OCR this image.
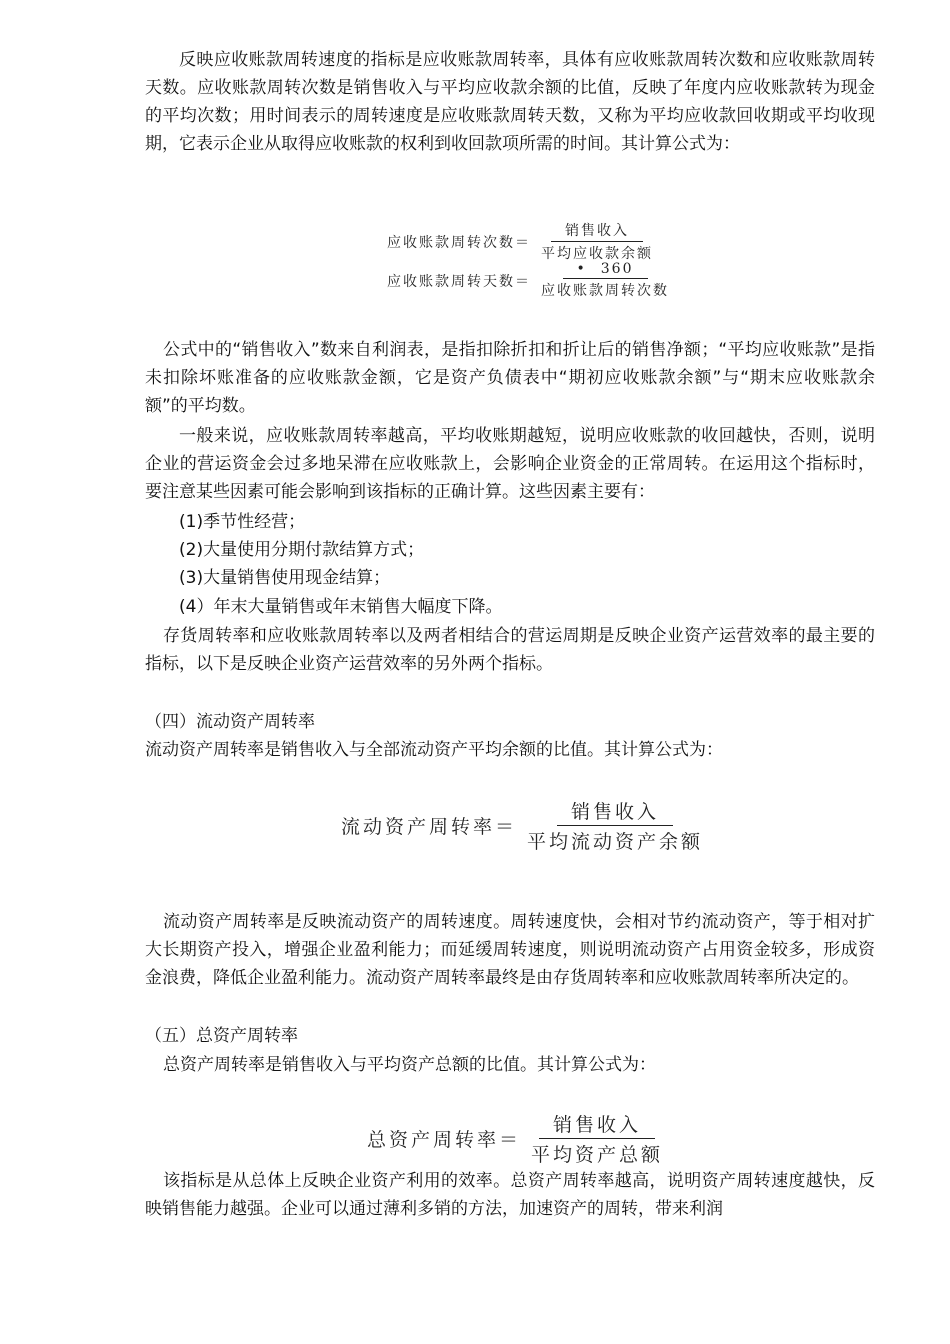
反映应收账款周转速度的指标是应收账款周转率，具体有应收账款周转次数和应收账款周转天数。应收账款周转次数是销售收入与平均应收款余额的比值，反映了年度内应收账款转为现金的平均次数；用时间表示的周转速度是应收账款周转天数，又称为平均应收款回收期或平均收现期，它表示企业从取得应收账款的权利到收回款项所需的时间。其计算公式为：
应收账款周转次数＝ $\frac{\text{销售收入}}{\text{平均应收款余额}}$
应收账款周转天数＝ $\frac{• 360}{\text{应收账款周转次数}}$
公式中的“销售收入”数来自利润表，是指扣除折扣和折让后的销售净额；“平均应收账款”是指未扣除坏账准备的应收账款金额，它是资产负债表中“期初应收账款余额”与“期末应收账款余额”的平均数。
一般来说，应收账款周转率越高，平均收账期越短，说明应收账款的收回越快，否则，说明企业的营运资金会过多地呆滞在应收账款上，会影响企业资金的正常周转。在运用这个指标时，要注意某些因素可能会影响到该指标的正确计算。这些因素主要有：
(1)季节性经营；
(2)大量使用分期付款结算方式；
(3)大量销售使用现金结算；
(4）年末大量销售或年末销售大幅度下降。
存货周转率和应收账款周转率以及两者相结合的营运周期是反映企业资产运营效率的最主要的指标，以下是反映企业资产运营效率的另外两个指标。
（四）流动资产周转率
流动资产周转率是销售收入与全部流动资产平均余额的比值。其计算公式为：
流动资产周转率＝ $\frac{\text{销售收入}}{\text{平均流动资产余额}}$
流动资产周转率是反映流动资产的周转速度。周转速度快，会相对节约流动资产，等于相对扩大长期资产投入，增强企业盈利能力；而延缓周转速度，则说明流动资产占用资金较多，形成资金浪费，降低企业盈利能力。流动资产周转率最终是由存货周转率和应收账款周转率所决定的。
（五）总资产周转率
总资产周转率是销售收入与平均资产总额的比值。其计算公式为：
总资产周转率＝ $\frac{\text{销售收入}}{\text{平均资产总额}}$
该指标是从总体上反映企业资产利用的效率。总资产周转率越高，说明资产周转速度越快，反映销售能力越强。企业可以通过薄利多销的方法，加速资产的周转，带来利润
